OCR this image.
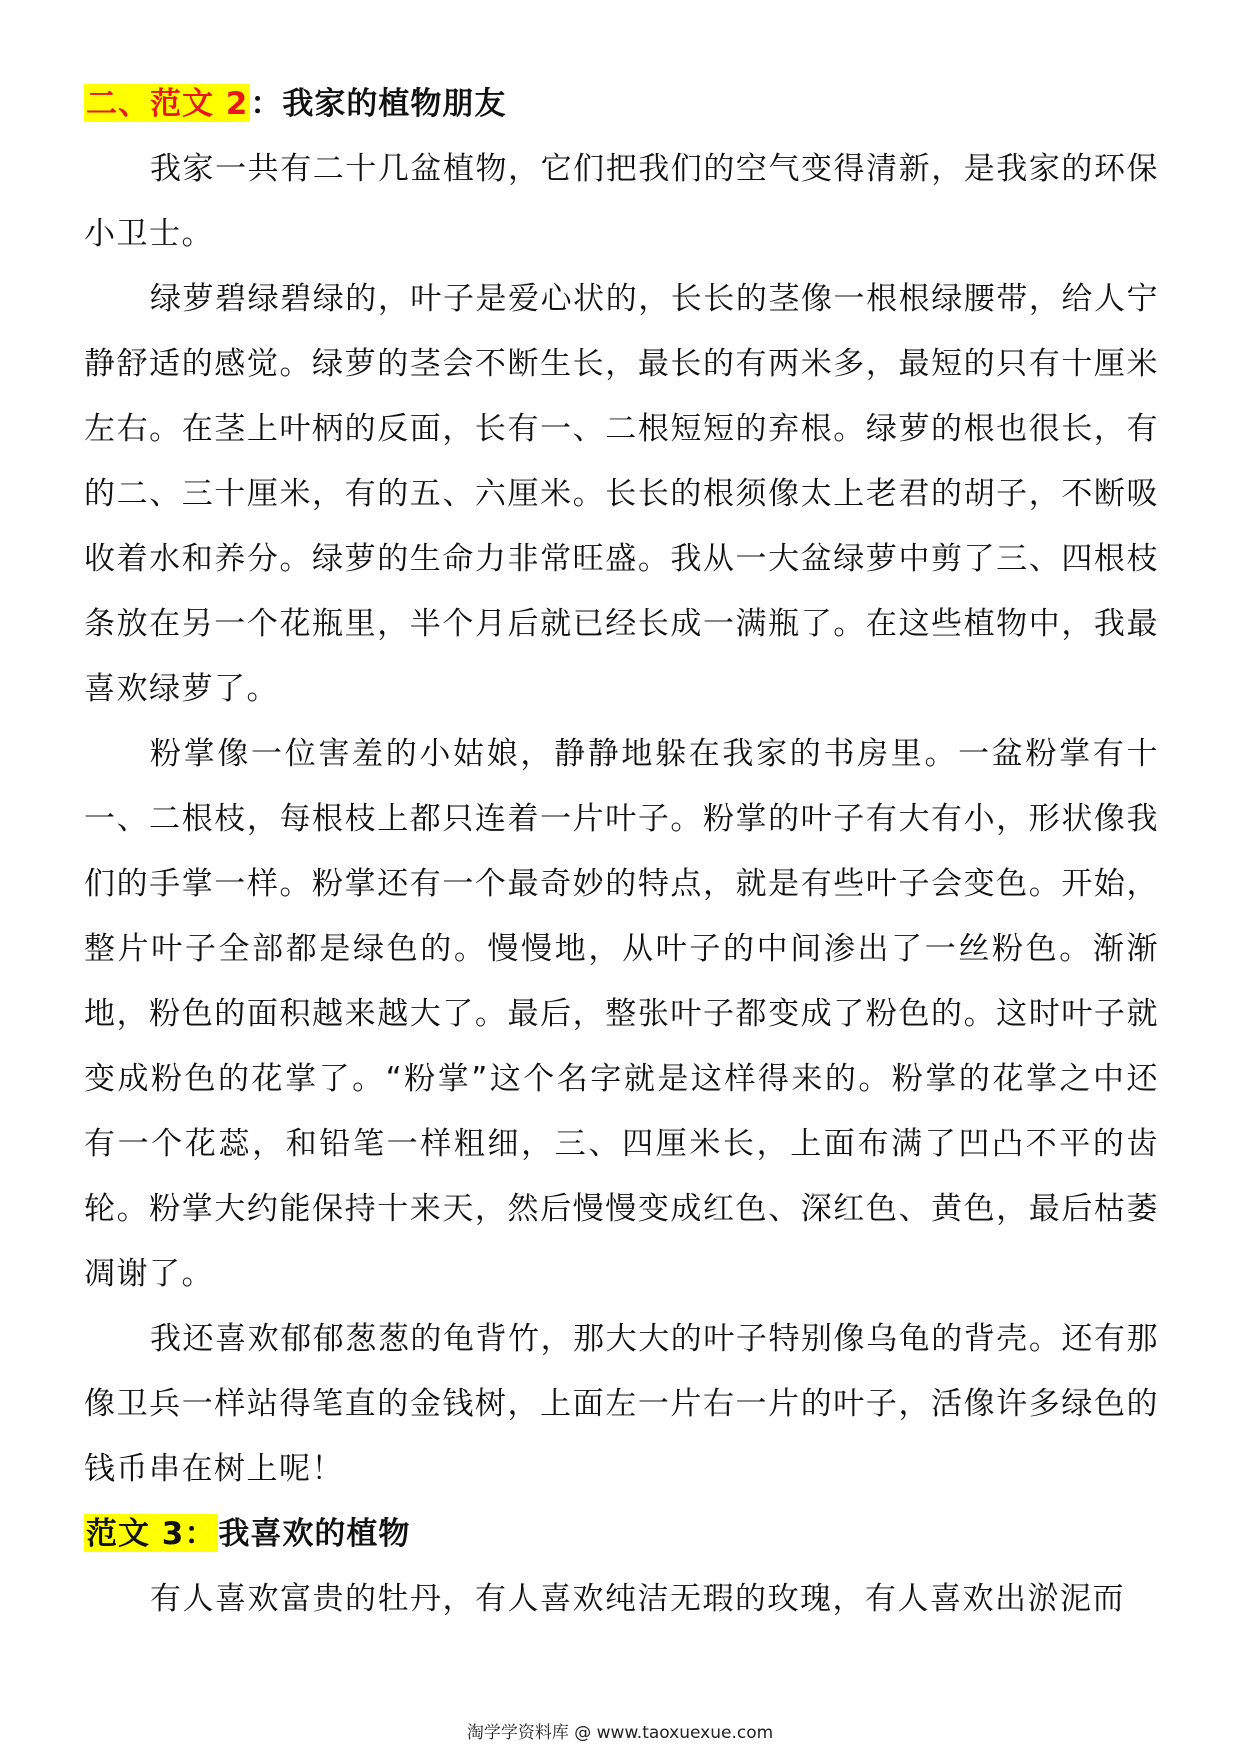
二、范文 2：我家的植物朋友

我家一共有二十几盆植物，它们把我们的空气变得清新，是我家的环保小卫士。

绿萝碧绿碧绿的，叶子是爱心状的，长长的茎像一根根绿腰带，给人宁静舒适的感觉。绿萝的茎会不断生长，最长的有两米多，最短的只有十厘米左右。在茎上叶柄的反面，长有一、二根短短的弃根。绿萝的根也很长，有的二、三十厘米，有的五、六厘米。长长的根须像太上老君的胡子，不断吸收着水和养分。绿萝的生命力非常旺盛。我从一大盆绿萝中剪了三、四根枝条放在另一个花瓶里，半个月后就已经长成一满瓶了。在这些植物中，我最喜欢绿萝了。

粉掌像一位害羞的小姑娘，静静地躲在我家的书房里。一盆粉掌有十一、二根枝，每根枝上都只连着一片叶子。粉掌的叶子有大有小，形状像我们的手掌一样。粉掌还有一个最奇妙的特点，就是有些叶子会变色。开始，整片叶子全部都是绿色的。慢慢地，从叶子的中间渗出了一丝粉色。渐渐地，粉色的面积越来越大了。最后，整张叶子都变成了粉色的。这时叶子就变成粉色的花掌了。“粉掌”这个名字就是这样得来的。粉掌的花掌之中还有一个花蕊，和铅笔一样粗细，三、四厘米长，上面布满了凹凸不平的齿轮。粉掌大约能保持十来天，然后慢慢变成红色、深红色、黄色，最后枯萎凋谢了。

我还喜欢郁郁葱葱的龟背竹，那大大的叶子特别像乌龟的背壳。还有那像卫兵一样站得笔直的金钱树，上面左一片右一片的叶子，活像许多绿色的钱币串在树上呢！

范文 3：我喜欢的植物

有人喜欢富贵的牡丹，有人喜欢纯洁无瑕的玫瑰，有人喜欢出淤泥而

淘学学资料库 @ www.taoxuexue.com
